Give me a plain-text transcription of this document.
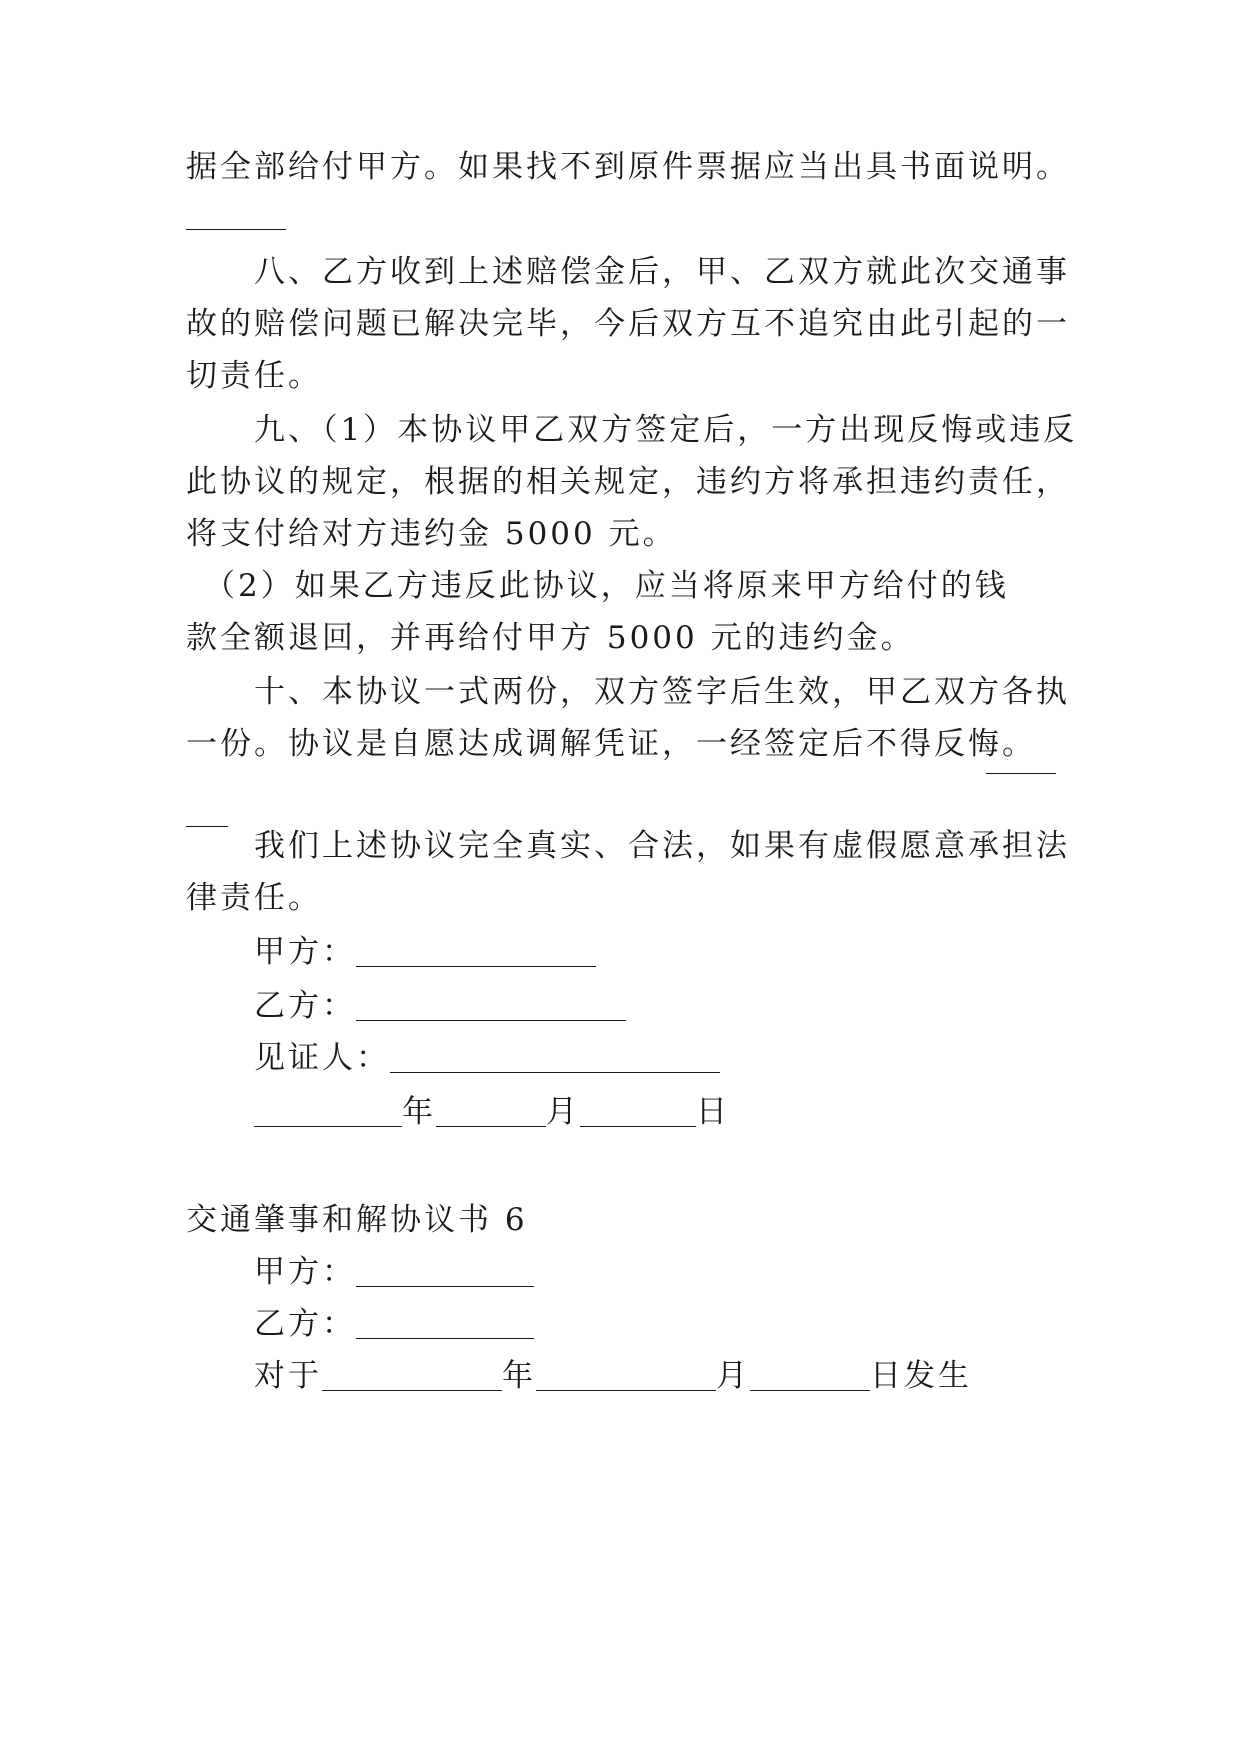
据全部给付甲方。如果找不到原件票据应当出具书面说明。
八、乙方收到上述赔偿金后，甲、乙双方就此次交通事
故的赔偿问题已解决完毕，今后双方互不追究由此引起的一
切责任。
九、（1）本协议甲乙双方签定后，一方出现反悔或违反
此协议的规定，根据的相关规定，违约方将承担违约责任，
将支付给对方违约金 5000 元。
（2）如果乙方违反此协议，应当将原来甲方给付的钱
款全额退回，并再给付甲方 5000 元的违约金。
十、本协议一式两份，双方签字后生效，甲乙双方各执
一份。协议是自愿达成调解凭证，一经签定后不得反悔。
我们上述协议完全真实、合法，如果有虚假愿意承担法
律责任。
甲方：
乙方：
见证人：
年	月	日
交通肇事和解协议书 6
甲方：
乙方：
对于	年	月	日发生
